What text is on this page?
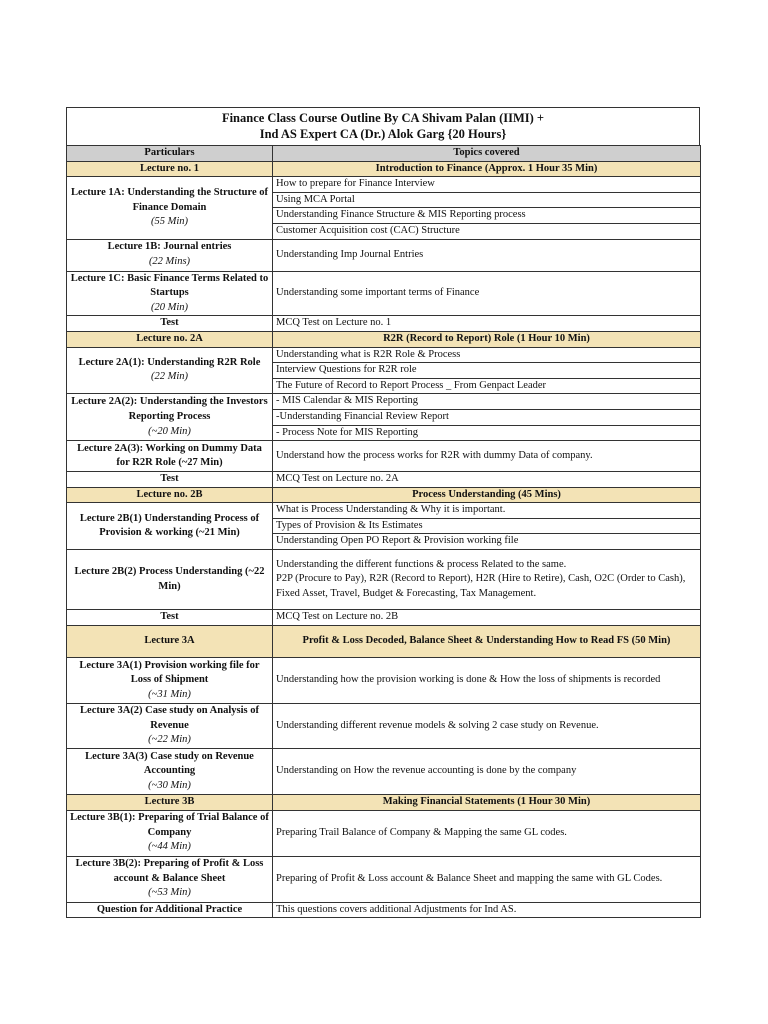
Finance Class Course Outline By CA Shivam Palan (IIMI) +
Ind AS Expert CA (Dr.) Alok Garg {20 Hours}
Particulars	Topics covered
Lecture no. 1	Introduction to Finance (Approx. 1 Hour 35 Min)

Lecture 1A: Understanding the Structure of Finance Domain
(55 Min)	How to prepare for Finance Interview
	Using MCA Portal
	Understanding Finance Structure & MIS Reporting process
	Customer Acquisition cost (CAC) Structure

Lecture 1B: Journal entries
(22 Mins)	Understanding Imp Journal Entries

Lecture 1C: Basic Finance Terms Related to Startups
(20 Min)	Understanding some important terms of Finance

Test	MCQ Test on Lecture no. 1
Lecture no. 2A	R2R (Record to Report) Role (1 Hour 10 Min)

Lecture 2A(1): Understanding R2R Role
(22 Min)	Understanding what is R2R Role & Process
	Interview Questions for R2R role
	The Future of Record to Report Process _ From Genpact Leader

Lecture 2A(2): Understanding the Investors Reporting Process
(~20 Min)	- MIS Calendar & MIS Reporting
	-Understanding Financial Review Report
	- Process Note for MIS Reporting

Lecture 2A(3): Working on Dummy Data for R2R Role (~27 Min)	Understand how the process works for R2R with dummy Data of company.

Test	MCQ Test on Lecture no. 2A
Lecture no. 2B	Process Understanding (45 Mins)

Lecture 2B(1) Understanding Process of Provision & working (~21 Min)	What is Process Understanding & Why it is important.
	Types of Provision & Its Estimates
	Understanding Open PO Report & Provision working file

Lecture 2B(2) Process Understanding (~22 Min)	Understanding the different functions & process Related to the same.
P2P (Procure to Pay), R2R (Record to Report), H2R (Hire to Retire), Cash, O2C (Order to Cash), Fixed Asset, Travel, Budget & Forecasting, Tax Management.

Test	MCQ Test on Lecture no. 2B
Lecture 3A	Profit & Loss Decoded, Balance Sheet & Understanding How to Read FS (50 Min)

Lecture 3A(1) Provision working file for Loss of Shipment
(~31 Min)	Understanding how the provision working is done & How the loss of shipments is recorded

Lecture 3A(2) Case study on Analysis of Revenue
(~22 Min)	Understanding different revenue models & solving 2 case study on Revenue.

Lecture 3A(3) Case study on Revenue Accounting
(~30 Min)	Understanding on How the revenue accounting is done by the company
Lecture 3B	Making Financial Statements (1 Hour 30 Min)

Lecture 3B(1): Preparing of Trial Balance of Company
(~44 Min)	Preparing Trail Balance of Company & Mapping the same GL codes.

Lecture 3B(2): Preparing of Profit & Loss account & Balance Sheet
(~53 Min)	Preparing of Profit & Loss account & Balance Sheet and mapping the same with GL Codes.

Question for Additional Practice	This questions covers additional Adjustments for Ind AS.
